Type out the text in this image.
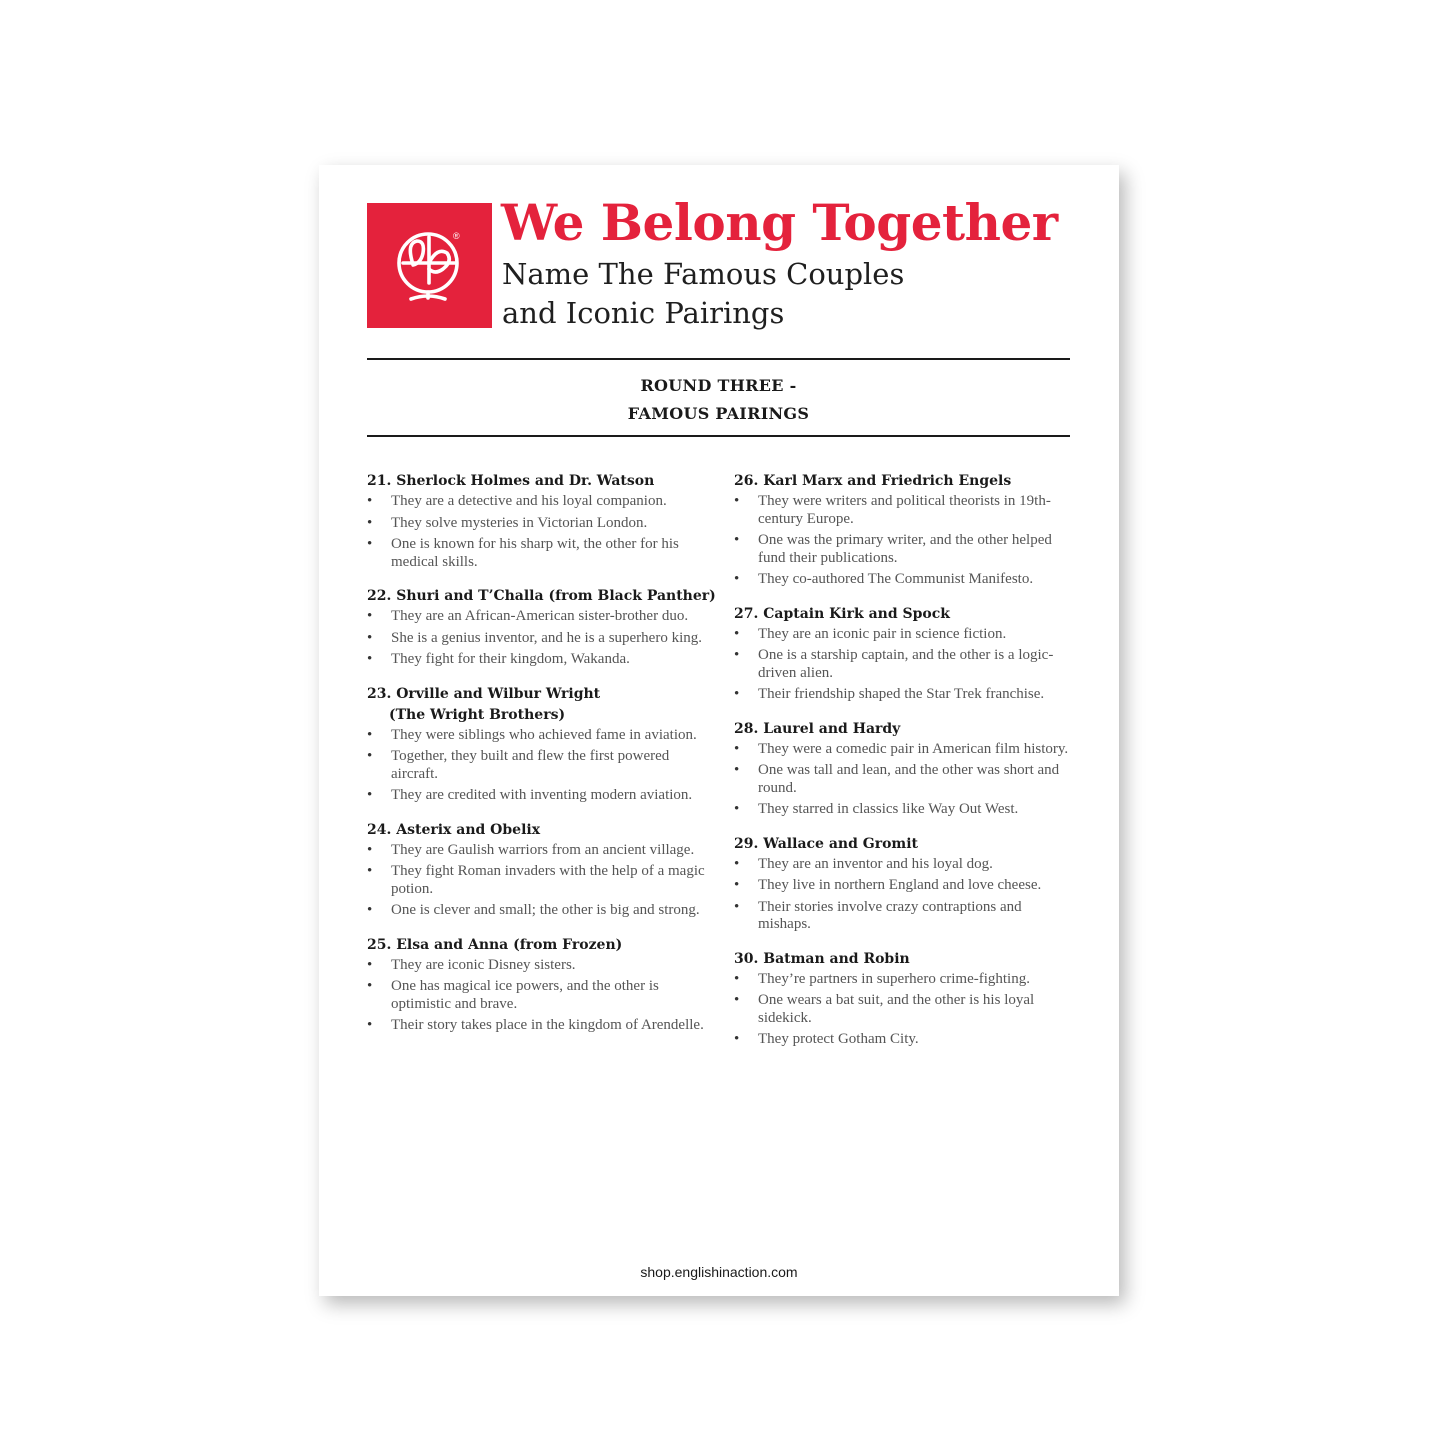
® We Belong Together
Name The Famous Couples
and Iconic Pairings
ROUND THREE -
FAMOUS PAIRINGS
21. Sherlock Holmes and Dr. Watson
• They are a detective and his loyal companion.
• They solve mysteries in Victorian London.
• One is known for his sharp wit, the other for his medical skills.
22. Shuri and T’Challa (from Black Panther)
• They are an African-American sister-brother duo.
• She is a genius inventor, and he is a superhero king.
• They fight for their kingdom, Wakanda.
23. Orville and Wilbur Wright
(The Wright Brothers)
• They were siblings who achieved fame in aviation.
• Together, they built and flew the first powered aircraft.
• They are credited with inventing modern aviation.
24. Asterix and Obelix
• They are Gaulish warriors from an ancient village.
• They fight Roman invaders with the help of a magic potion.
• One is clever and small; the other is big and strong.
25. Elsa and Anna (from Frozen)
• They are iconic Disney sisters.
• One has magical ice powers, and the other is optimistic and brave.
• Their story takes place in the kingdom of Arendelle.
26. Karl Marx and Friedrich Engels
• They were writers and political theorists in 19th-century Europe.
• One was the primary writer, and the other helped fund their publications.
• They co-authored The Communist Manifesto.
27. Captain Kirk and Spock
• They are an iconic pair in science fiction.
• One is a starship captain, and the other is a logic-driven alien.
• Their friendship shaped the Star Trek franchise.
28. Laurel and Hardy
• They were a comedic pair in American film history.
• One was tall and lean, and the other was short and round.
• They starred in classics like Way Out West.
29. Wallace and Gromit
• They are an inventor and his loyal dog.
• They live in northern England and love cheese.
• Their stories involve crazy contraptions and mishaps.
30. Batman and Robin
• They’re partners in superhero crime-fighting.
• One wears a bat suit, and the other is his loyal sidekick.
• They protect Gotham City.
shop.englishinaction.com
